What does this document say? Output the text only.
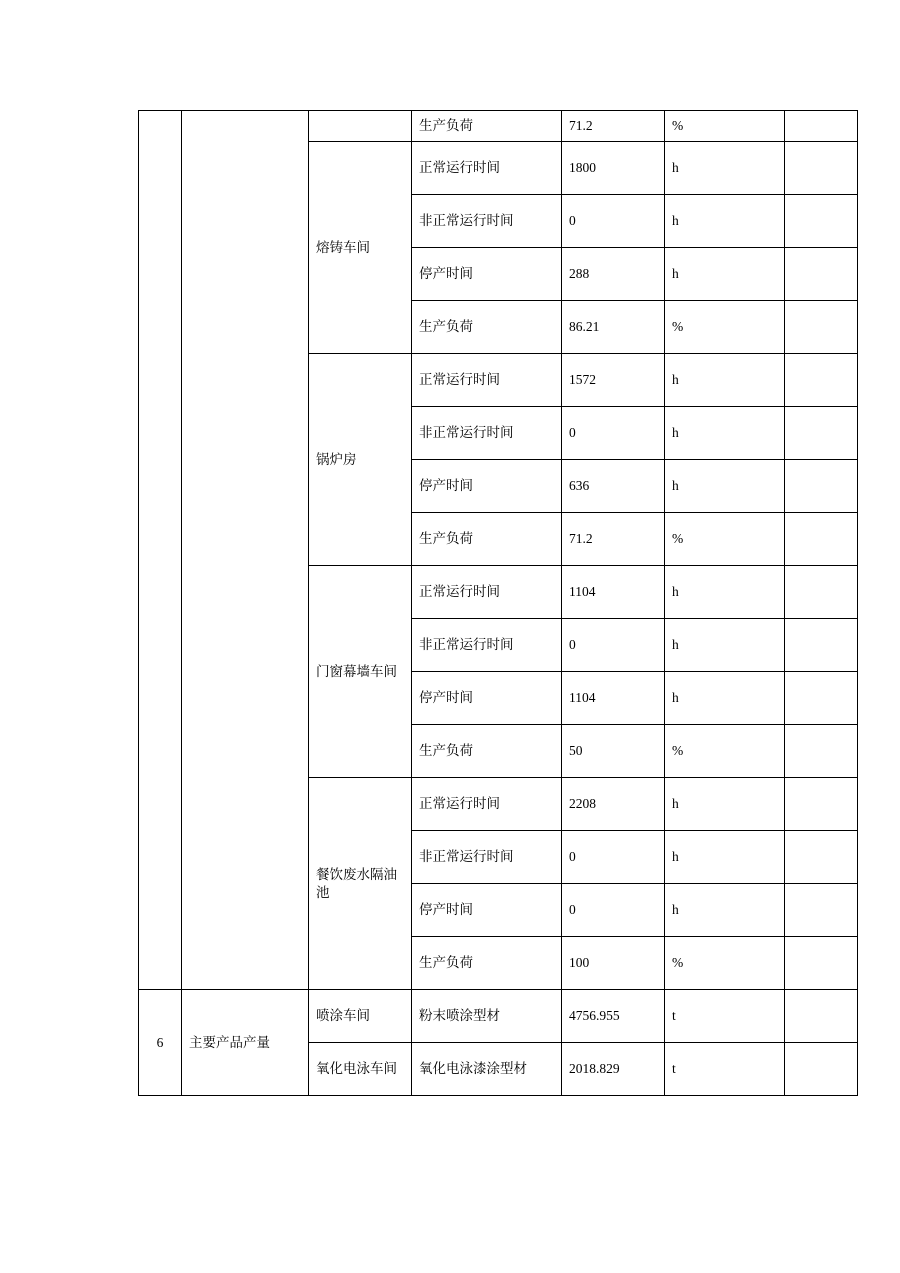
			生产负荷	71.2	%	
		熔铸车间	正常运行时间	1800	h	
			非正常运行时间	0	h	
			停产时间	288	h	
			生产负荷	86.21	%	
		锅炉房	正常运行时间	1572	h	
			非正常运行时间	0	h	
			停产时间	636	h	
			生产负荷	71.2	%	
		门窗幕墙车间	正常运行时间	1104	h	
			非正常运行时间	0	h	
			停产时间	1104	h	
			生产负荷	50	%	
		餐饮废水隔油池	正常运行时间	2208	h	
			非正常运行时间	0	h	
			停产时间	0	h	
			生产负荷	100	%	
6	主要产品产量	喷涂车间	粉末喷涂型材	4756.955	t	
		氧化电泳车间	氧化电泳漆涂型材	2018.829	t	
